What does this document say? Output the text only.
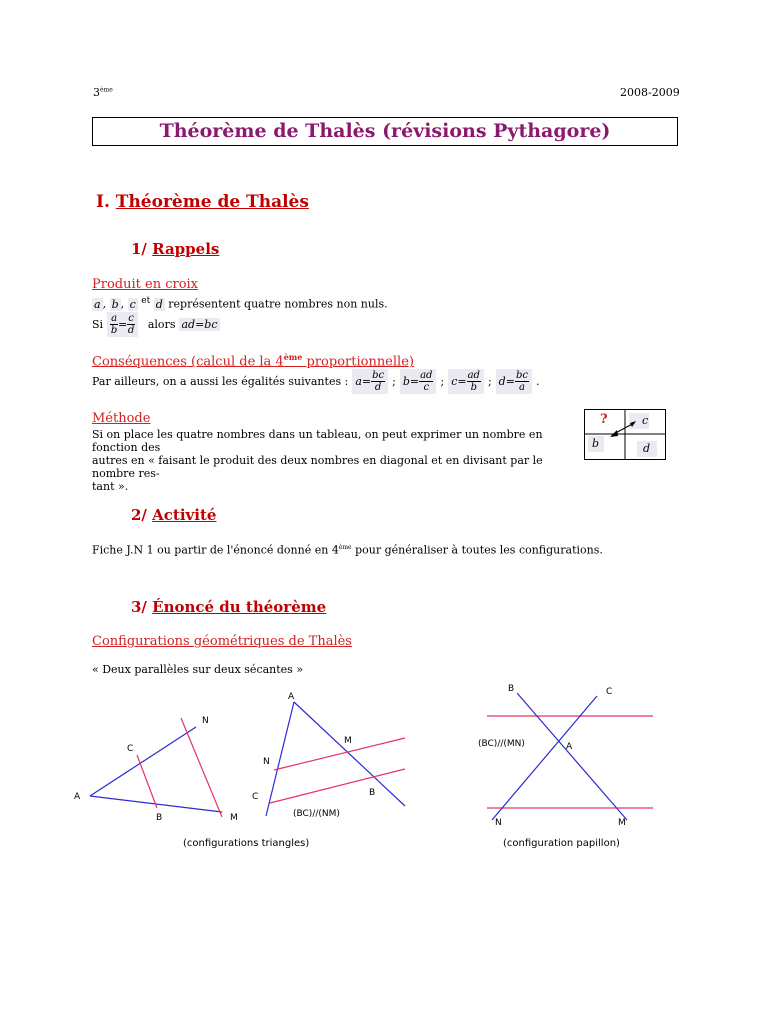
3ème	2008-2009
Théorème de Thalès (révisions Pythagore)
I. Théorème de Thalès
1/ Rappels
Produit en croix
a , b , c $^{et}$ d représentent quatre nombres non nuls.
Si $\frac{a}{b} = \frac{c}{d}$ alors ad=bc
Conséquences (calcul de la 4ème proportionnelle)
Par ailleurs, on a aussi les égalités suivantes : $a= \frac{bc}{d}$ ; $b= \frac{ad}{c}$ ; $c= \frac{ad}{b}$ ; $d= \frac{bc}{a}$ .
Méthode
Si on place les quatre nombres dans un tableau, on peut exprimer un nombre en fonction des
autres en « faisant le produit des deux nombres en diagonal et en divisant par le nombre res-
tant ».
?	c
b	d
2/ Activité
Fiche J.N 1 ou partir de l'énoncé donné en 4ème pour généraliser à toutes les configurations.
3/ Énoncé du théorème
Configurations géométriques de Thalès
« Deux parallèles sur deux sécantes »
A
B
C
M
N
A
M
N
C	B
(BC)//(NM)
B	C
A
N	M
(BC)//(MN)
(configurations triangles)	(configuration papillon)
